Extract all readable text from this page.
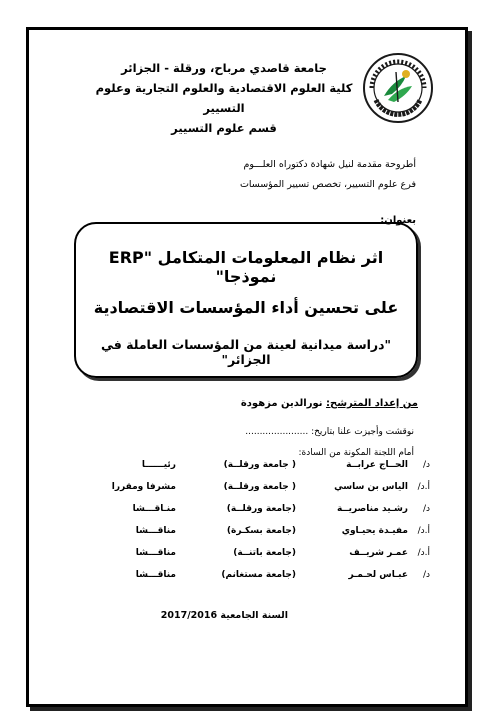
جامعة قاصدي مرباح، ورقلة - الجزائر
كلية العلوم الاقتصادية والعلوم التجارية وعلوم التسيير
قسم علوم التسيير
أطروحة مقدمة لنيل شهادة دكتوراه العلـــوم
فرع علوم التسيير، تخصص تسيير المؤسسات
بعنوان:
اثر نظام المعلومات المتكامل "ERP نموذجا"
على تحسين أداء المؤسسات الاقتصادية
"دراسة ميدانية لعينة من المؤسسات العاملة في الجزائر"
من إعداد المترشح: نورالدين مزهودة
نوقشت وأجيزت علنا بتاريخ: ......................
أمام اللجنة المكونة من السادة:
د/
الحــاج عرابــة
( جامعة ورقلــة)
رئيــــــا
أ.د/
الياس بن ساسي
( جامعة ورقلــة)
مشرفا ومقررا
د/
رشـيد مناصريــة
(جامعة ورقلــة)
منـاقـــشا
أ.د/
مفيـدة يحيـاوي
(جامعة بسكـرة)
مناقـــشا
أ.د/
عمـر شريــف
(جامعة باتنــة)
مناقـــشا
د/
عبـاس لحـمـر
(جامعة مستغانم)
مناقـــشا
السنة الجامعية 2017/2016
